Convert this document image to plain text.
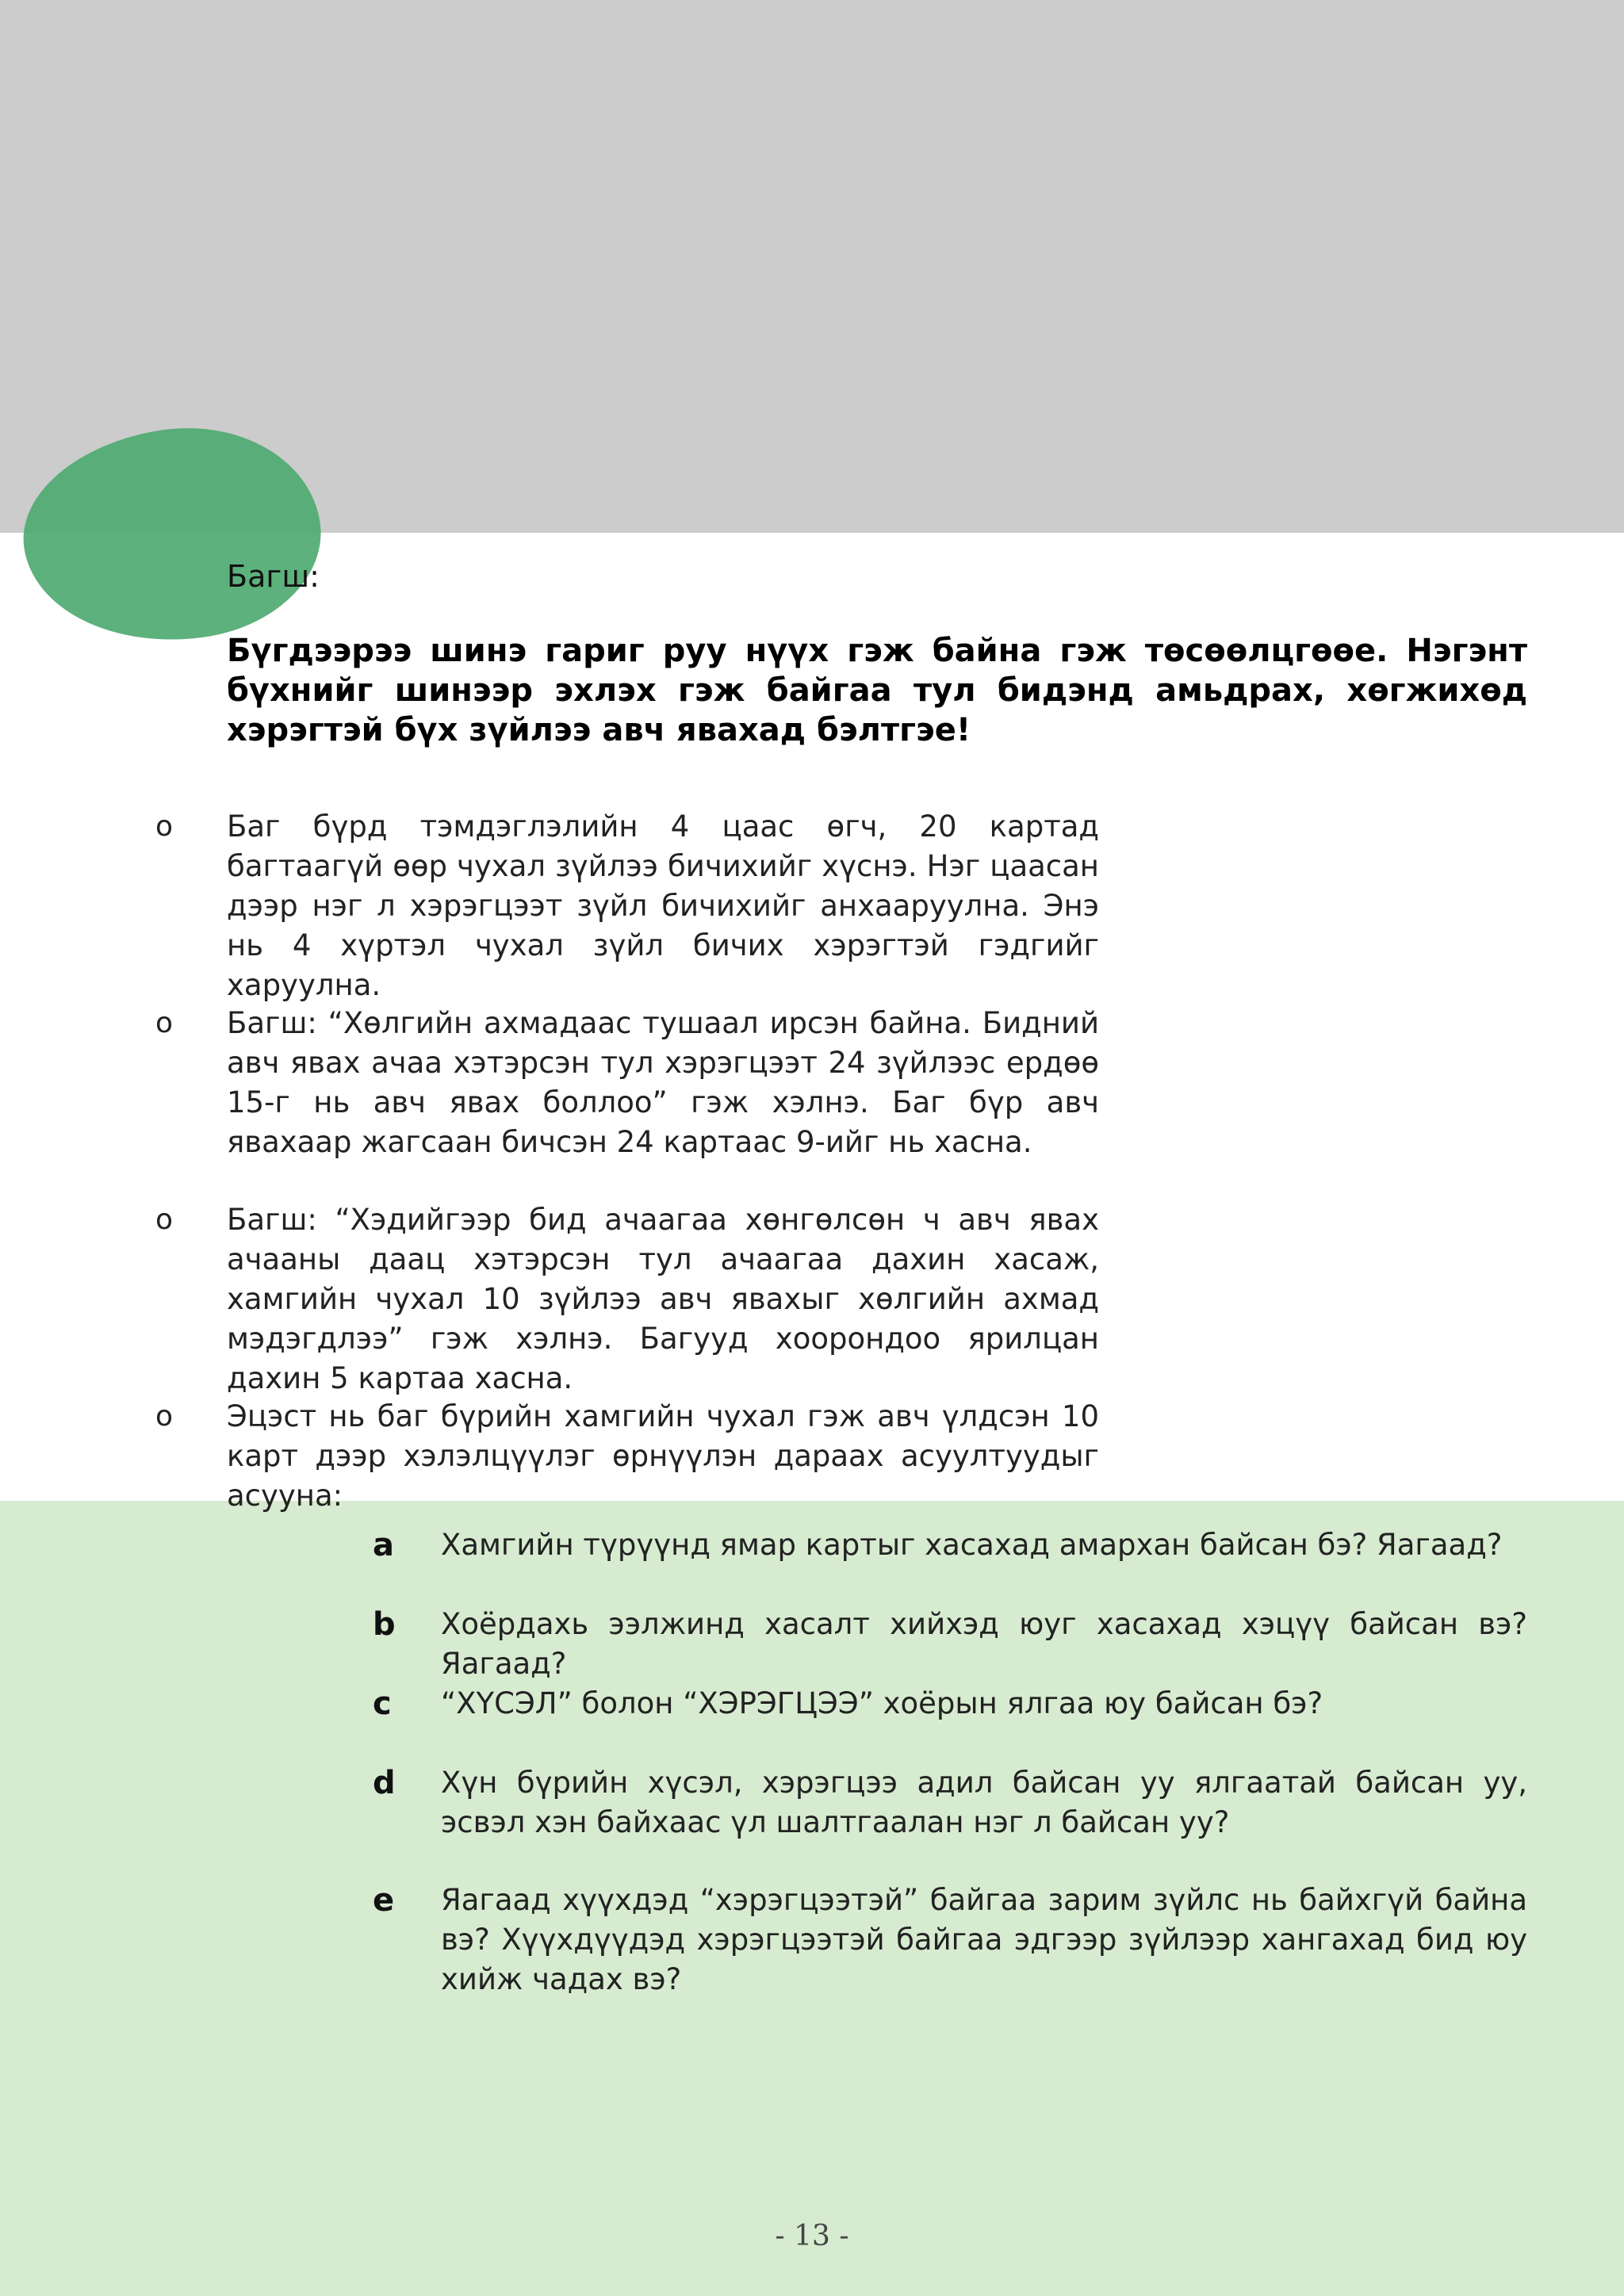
Багш:
Бүгдээрээ шинэ гариг руу нүүх гэж байна гэж төсөөлцгөөе. Нэгэнт бүхнийг шинээр эхлэх гэж байгаа тул бидэнд амьдрах, хөгжихөд хэрэгтэй бүх зүйлээ авч явахад бэлтгэе!
o Баг бүрд тэмдэглэлийн 4 цаас өгч, 20 картад багтаагүй өөр чухал зүйлээ бичихийг хүснэ. Нэг цаасан дээр нэг л хэрэгцээт зүйл бичихийг анхааруулна. Энэ нь 4 хүртэл чухал зүйл бичих хэрэгтэй гэдгийг харуулна.
o Багш: “Хөлгийн ахмадаас тушаал ирсэн байна. Бидний авч явах ачаа хэтэрсэн тул хэрэгцээт 24 зүйлээс ердөө 15-г нь авч явах боллоо” гэж хэлнэ. Баг бүр авч явахаар жагсаан бичсэн 24 картаас 9-ийг нь хасна.
o Багш: “Хэдийгээр бид ачаагаа хөнгөлсөн ч авч явах ачааны даац хэтэрсэн тул ачаагаа дахин хасаж, хамгийн чухал 10 зүйлээ авч явахыг хөлгийн ахмад мэдэгдлээ” гэж хэлнэ. Багууд хоорондоо ярилцан дахин 5 картаа хасна.
o Эцэст нь баг бүрийн хамгийн чухал гэж авч үлдсэн 10 карт дээр хэлэлцүүлэг өрнүүлэн дараах асуултуудыг асууна:
a Хамгийн түрүүнд ямар картыг хасахад амархан байсан бэ? Яагаад?
b Хоёрдахь ээлжинд хасалт хийхэд юуг хасахад хэцүү байсан вэ? Яагаад?
c “ХҮСЭЛ” болон “ХЭРЭГЦЭЭ” хоёрын ялгаа юу байсан бэ?
d Хүн бүрийн хүсэл, хэрэгцээ адил байсан уу ялгаатай байсан уу, эсвэл хэн байхаас үл шалтгаалан нэг л байсан уу?
e Яагаад хүүхдэд “хэрэгцээтэй” байгаа зарим зүйлс нь байхгүй байна вэ? Хүүхдүүдэд хэрэгцээтэй байгаа эдгээр зүйлээр хангахад бид юу хийж чадах вэ?
- 13 -
